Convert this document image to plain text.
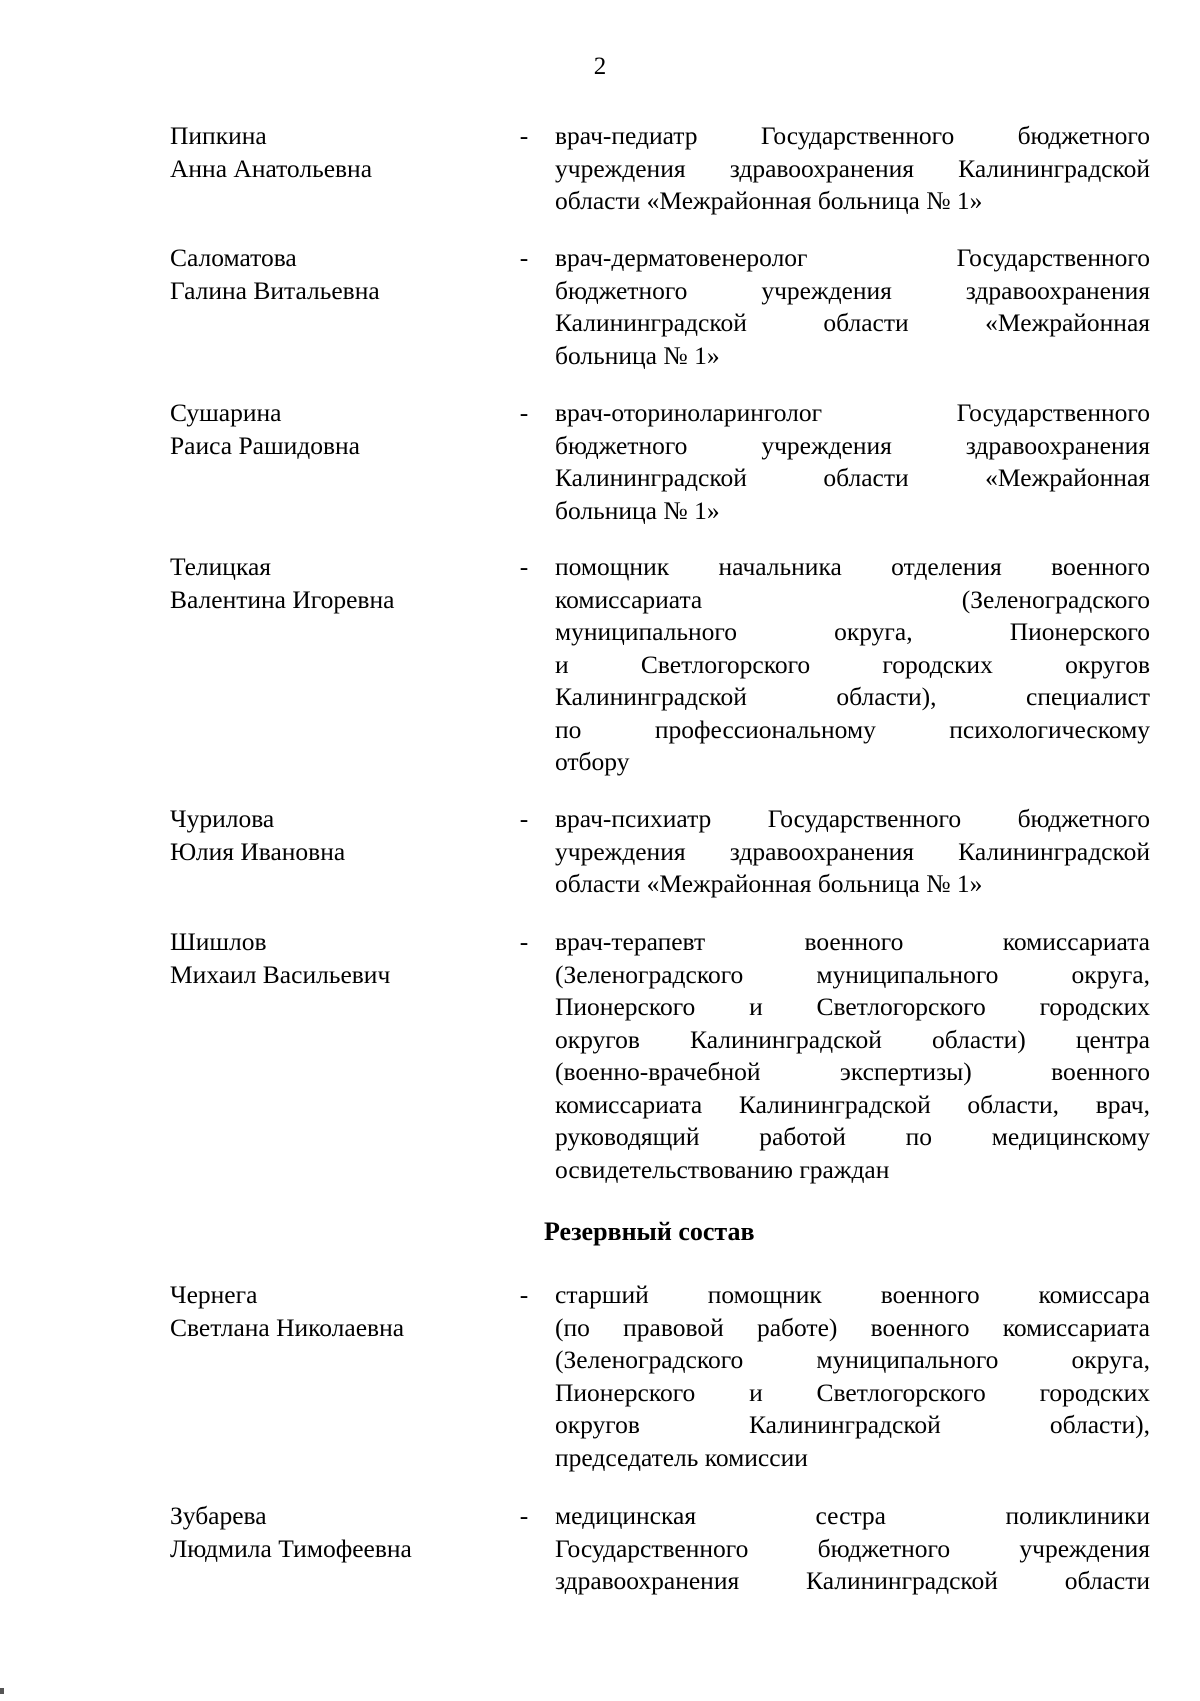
2
Пипкина
Анна Анатольевна
- врач-педиатр Государственного бюджетного
учреждения здравоохранения Калининградской
области «Межрайонная больница № 1»
Саломатова
Галина Витальевна
- врач-дерматовенеролог Государственного
бюджетного учреждения здравоохранения
Калининградской области «Межрайонная
больница № 1»
Сушарина
Раиса Рашидовна
- врач-оториноларинголог Государственного
бюджетного учреждения здравоохранения
Калининградской области «Межрайонная
больница № 1»
Телицкая
Валентина Игоревна
- помощник начальника отделения военного
комиссариата (Зеленоградского
муниципального округа, Пионерского
и Светлогорского городских округов
Калининградской области), специалист
по профессиональному психологическому
отбору
Чурилова
Юлия Ивановна
- врач-психиатр Государственного бюджетного
учреждения здравоохранения Калининградской
области «Межрайонная больница № 1»
Шишлов
Михаил Васильевич
- врач-терапевт военного комиссариата
(Зеленоградского муниципального округа,
Пионерского и Светлогорского городских
округов Калининградской области) центра
(военно-врачебной экспертизы) военного
комиссариата Калининградской области, врач,
руководящий работой по медицинскому
освидетельствованию граждан
Резервный состав
Чернега
Светлана Николаевна
- старший помощник военного комиссара
(по правовой работе) военного комиссариата
(Зеленоградского муниципального округа,
Пионерского и Светлогорского городских
округов Калининградской области),
председатель комиссии
Зубарева
Людмила Тимофеевна
- медицинская сестра поликлиники
Государственного бюджетного учреждения
здравоохранения Калининградской области
